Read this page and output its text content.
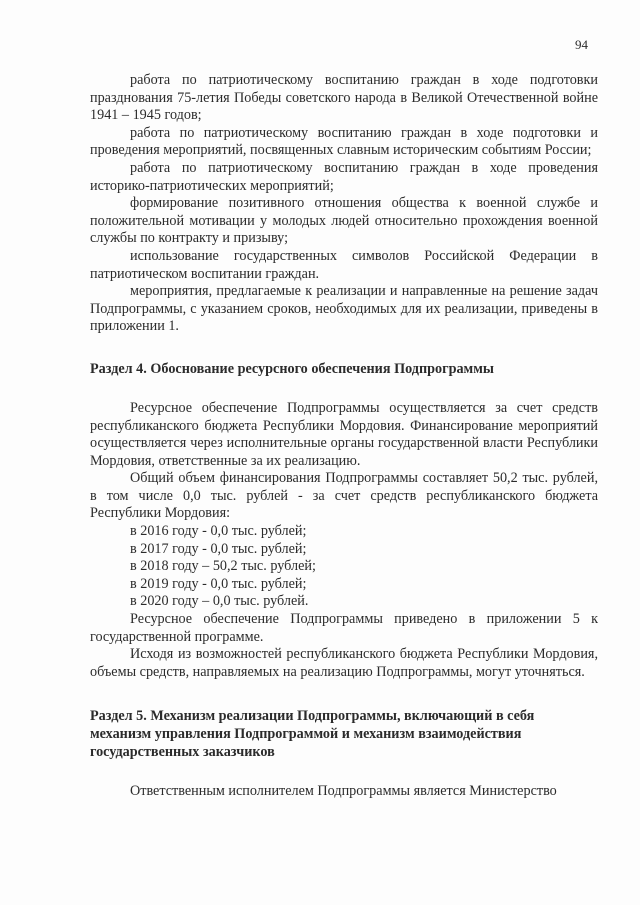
94

работа по патриотическому воспитанию граждан в ходе подготовки празднования 75-летия Победы советского народа в Великой Отечественной войне 1941 – 1945 годов;

работа по патриотическому воспитанию граждан в ходе подготовки и проведения мероприятий, посвященных славным историческим событиям России;

работа по патриотическому воспитанию граждан в ходе проведения историко-патриотических мероприятий;

формирование позитивного отношения общества к военной службе и положительной мотивации у молодых людей относительно прохождения военной службы по контракту и призыву;

использование государственных символов Российской Федерации в патриотическом воспитании граждан.

мероприятия, предлагаемые к реализации и направленные на решение задач Подпрограммы, с указанием сроков, необходимых для их реализации, приведены в приложении 1.

Раздел 4. Обоснование ресурсного обеспечения Подпрограммы

Ресурсное обеспечение Подпрограммы осуществляется за счет средств республиканского бюджета Республики Мордовия. Финансирование мероприятий осуществляется через исполнительные органы государственной власти Республики Мордовия, ответственные за их реализацию.

Общий объем финансирования Подпрограммы составляет 50,2 тыс. рублей, в том числе 0,0 тыс. рублей - за счет средств республиканского бюджета Республики Мордовия:

в 2016 году - 0,0 тыс. рублей;

в 2017 году - 0,0 тыс. рублей;

в 2018 году – 50,2 тыс. рублей;

в 2019 году - 0,0 тыс. рублей;

в 2020 году – 0,0 тыс. рублей.

Ресурсное обеспечение Подпрограммы приведено в приложении 5 к государственной программе.

Исходя из возможностей республиканского бюджета Республики Мордовия, объемы средств, направляемых на реализацию Подпрограммы, могут уточняться.

Раздел 5. Механизм реализации Подпрограммы, включающий в себя

механизм управления Подпрограммой и механизм взаимодействия

государственных заказчиков

Ответственным исполнителем Подпрограммы является Министерство
